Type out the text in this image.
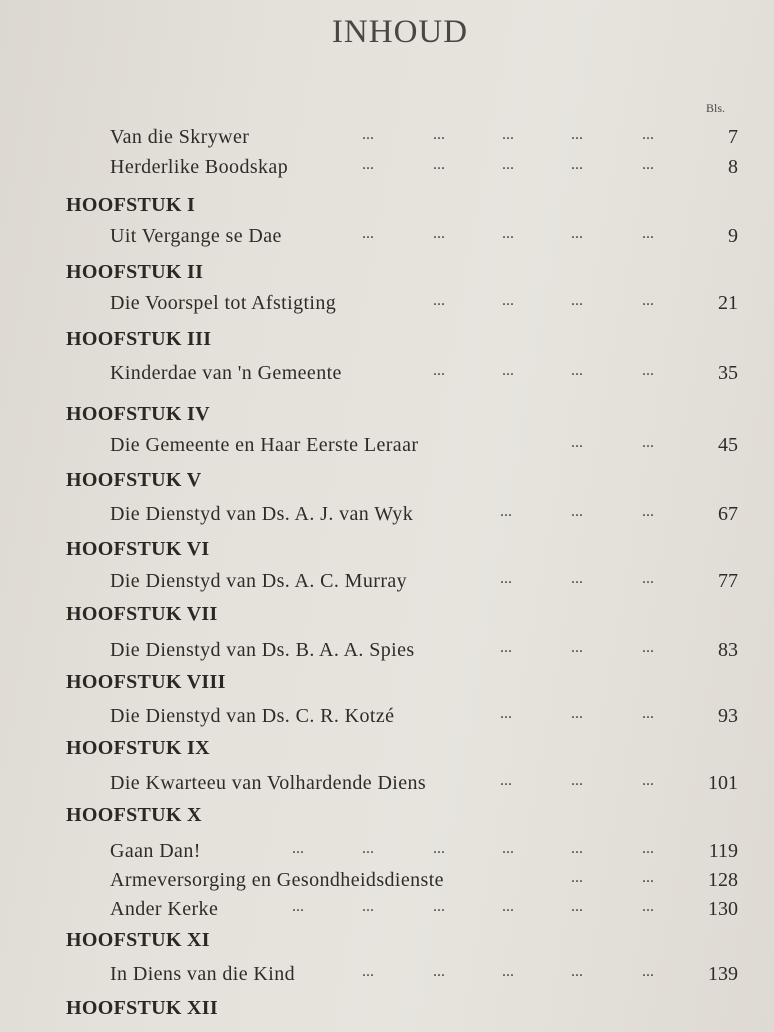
INHOUD
Bls.
Van die Skrywer	...	...	...	...	...	7
Herderlike Boodskap	...	...	...	...	...	8
HOOFSTUK I
Uit Vergange se Dae	...	...	...	...	...	9
HOOFSTUK II
Die Voorspel tot Afstigting	...	...	...	...	21
HOOFSTUK III
Kinderdae van 'n Gemeente	...	...	...	...	35
HOOFSTUK IV
Die Gemeente en Haar Eerste Leraar	...	...	45
HOOFSTUK V
Die Dienstyd van Ds. A. J. van Wyk	...	...	...	67
HOOFSTUK VI
Die Dienstyd van Ds. A. C. Murray	...	...	...	77
HOOFSTUK VII
Die Dienstyd van Ds. B. A. A. Spies	...	...	...	83
HOOFSTUK VIII
Die Dienstyd van Ds. C. R. Kotzé	...	...	...	93
HOOFSTUK IX
Die Kwarteeu van Volhardende Diens	...	...	...	101
HOOFSTUK X
Gaan Dan!	...	...	...	...	...	...	119
Armeversorging en Gesondheidsdienste	...	...	128
Ander Kerke	...	...	...	...	...	...	130
HOOFSTUK XI
In Diens van die Kind	...	...	...	...	...	139
HOOFSTUK XII
